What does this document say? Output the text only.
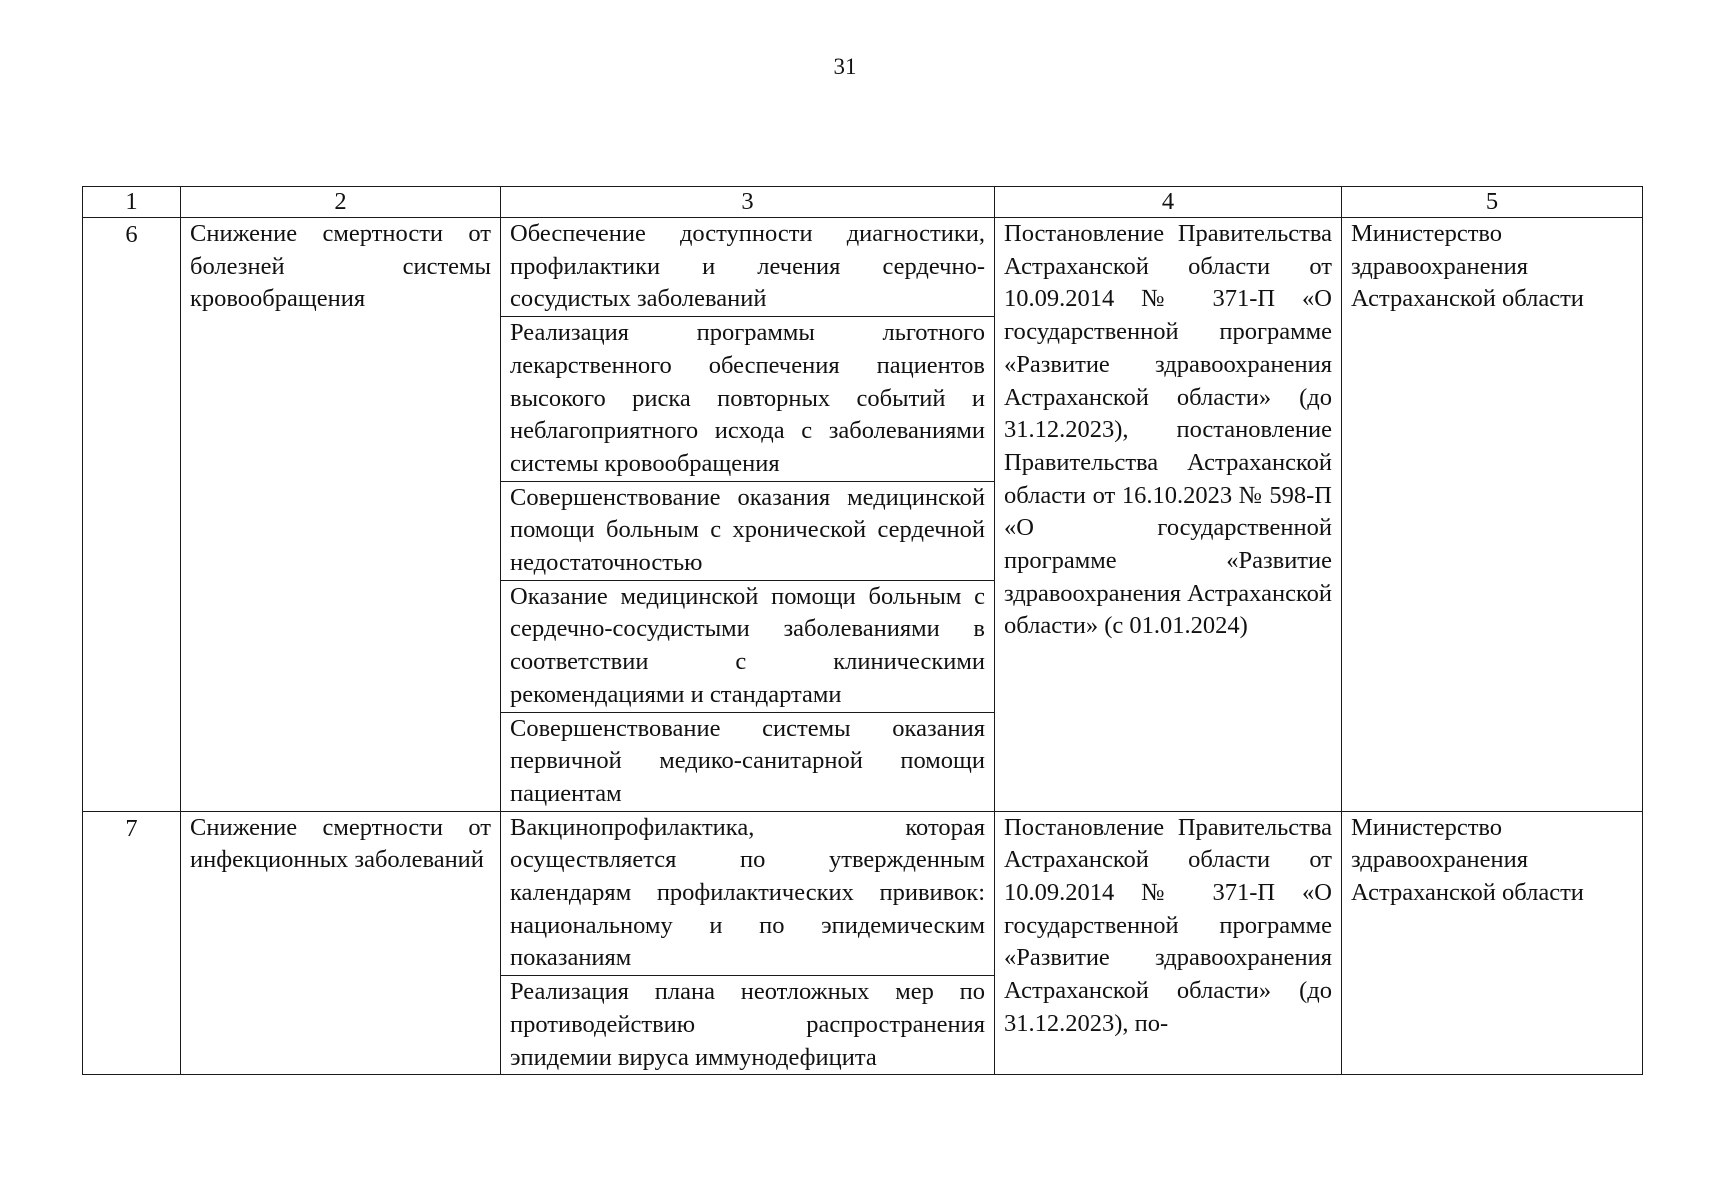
31
1	2	3	4	5
6	Снижение смертности от болезней системы кровообращения	Обеспечение доступности диагностики, профилактики и лечения сердечно-сосудистых заболеваний	Постановление Правительства Астраханской области от 10.09.2014 № 371-П «О государственной программе «Развитие здравоохранения Астраханской области» (до 31.12.2023), постановление Правительства Астраханской области от 16.10.2023 № 598-П «О государственной программе «Развитие здравоохранения Астраханской области» (с 01.01.2024)	Министерство здравоохранения Астраханской области
		Реализация программы льготного лекарственного обеспечения пациентов высокого риска повторных событий и неблагоприятного исхода с заболеваниями системы кровообращения		
		Совершенствование оказания медицинской помощи больным с хронической сердечной недостаточностью		
		Оказание медицинской помощи больным с сердечно-сосудистыми заболеваниями в соответствии с клиническими рекомендациями и стандартами		
		Совершенствование системы оказания первичной медико-санитарной помощи пациентам		
7	Снижение смертности от инфекционных заболеваний	Вакцинопрофилактика, которая осуществляется по утвержденным календарям профилактических прививок: национальному и по эпидемическим показаниям	Постановление Правительства Астраханской области от 10.09.2014 № 371-П «О государственной программе «Развитие здравоохранения Астраханской области» (до 31.12.2023), по-	Министерство здравоохранения Астраханской области
		Реализация плана неотложных мер по противодействию распространения эпидемии вируса иммунодефицита		
